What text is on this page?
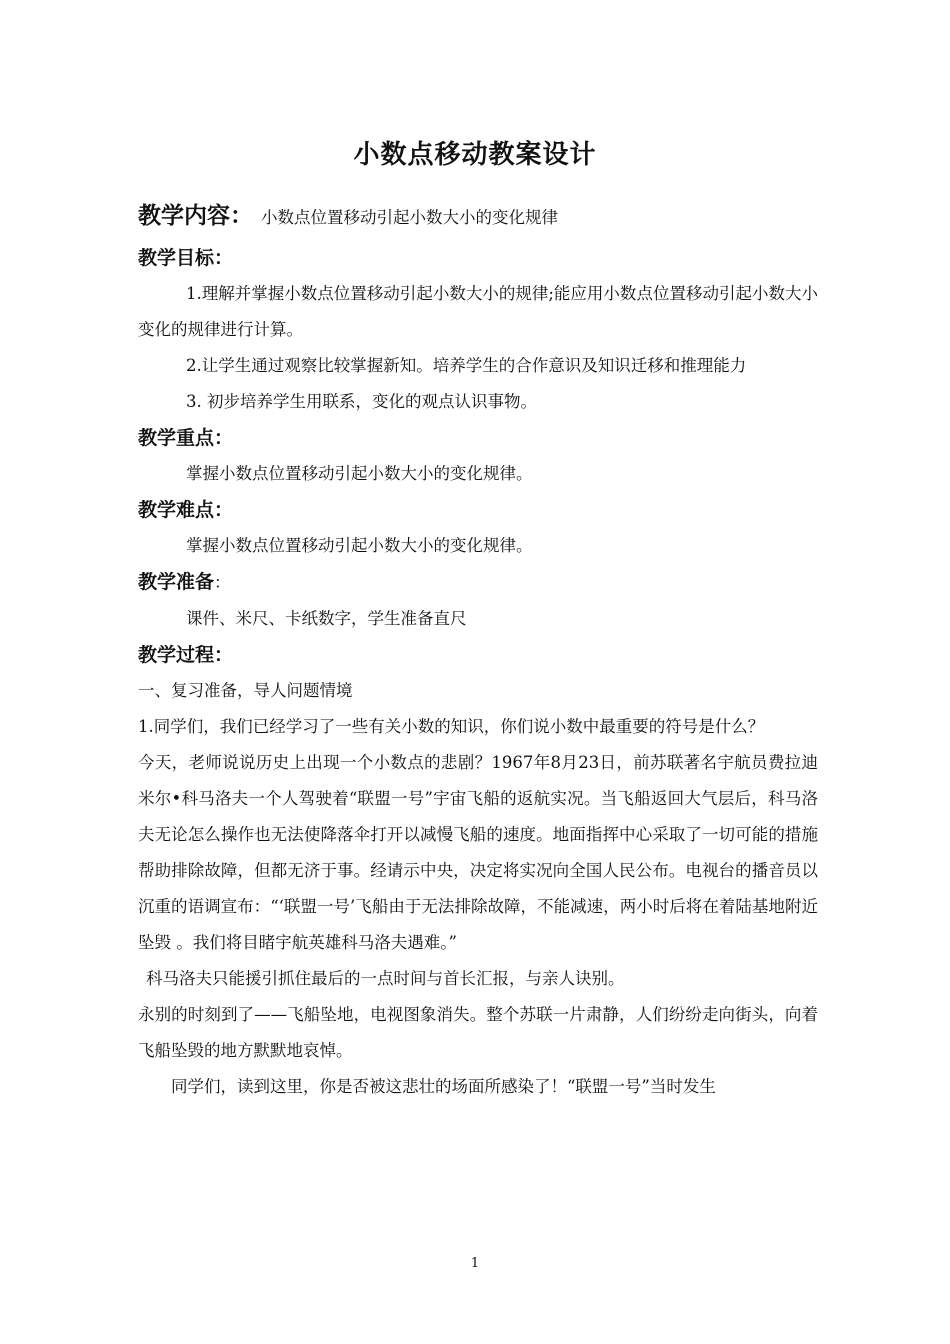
小数点移动教案设计
教学内容： 小数点位置移动引起小数大小的变化规律
教学目标：

1.理解并掌握小数点位置移动引起小数大小的规律;能应用小数点位置移动引起小数大小变化的规律进行计算。

2.让学生通过观察比较掌握新知。培养学生的合作意识及知识迁移和推理能力

3. 初步培养学生用联系，变化的观点认识事物。

教学重点：

掌握小数点位置移动引起小数大小的变化规律。

教学难点：

掌握小数点位置移动引起小数大小的变化规律。

教学准备：

课件、米尺、卡纸数字，学生准备直尺

教学过程：

一、复习准备，导人问题情境

1.同学们，我们已经学习了一些有关小数的知识，你们说小数中最重要的符号是什么？

今天，老师说说历史上出现一个小数点的悲剧？1967年8月23日，前苏联著名宇航员费拉迪米尔•科马洛夫一个人驾驶着“联盟一号”宇宙飞船的返航实况。当飞船返回大气层后，科马洛夫无论怎么操作也无法使降落伞打开以减慢飞船的速度。地面指挥中心采取了一切可能的措施帮助排除故障，但都无济于事。经请示中央，决定将实况向全国人民公布。电视台的播音员以沉重的语调宣布：“‘联盟一号’飞船由于无法排除故障，不能减速，两小时后将在着陆基地附近坠毁 。我们将目睹宇航英雄科马洛夫遇难。”

科马洛夫只能援引抓住最后的一点时间与首长汇报，与亲人诀别。

永别的时刻到了——飞船坠地，电视图象消失。整个苏联一片肃静，人们纷纷走向街头，向着飞船坠毁的地方默默地哀悼。

同学们，读到这里，你是否被这悲壮的场面所感染了！“联盟一号”当时发生

1
